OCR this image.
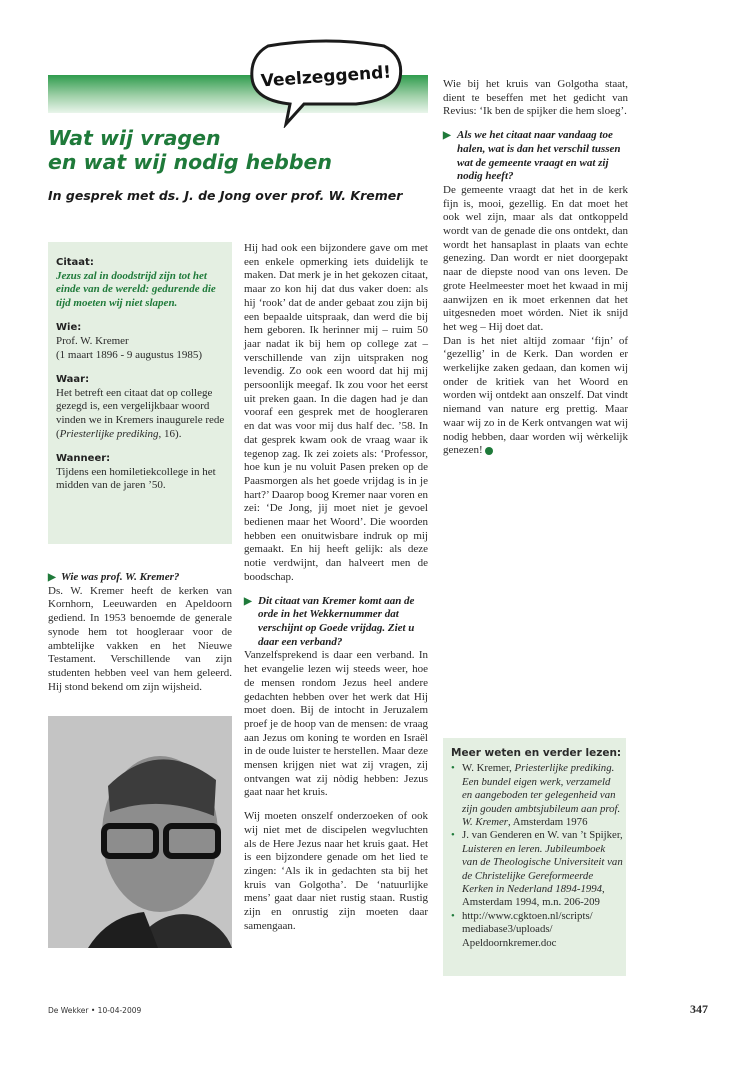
Veelzeggend!
Wat wij vragen
en wat wij nodig hebben
In gesprek met ds. J. de Jong over prof. W. Kremer
Citaat:
Jezus zal in doodstrijd zijn tot het einde van de wereld: gedurende die tijd moeten wij niet slapen.
Wie:
Prof. W. Kremer
(1 maart 1896 - 9 augustus 1985)
Waar:
Het betreft een citaat dat op college gezegd is, een vergelijkbaar woord vinden we in Kremers inaugurele rede (Priesterlijke prediking, 16).
Wanneer:
Tijdens een homiletiekcollege in het midden van de jaren ’50.
▶ Wie was prof. W. Kremer?
Ds. W. Kremer heeft de kerken van Kornhorn, Leeuwarden en Apeldoorn gediend. In 1953 benoemde de generale synode hem tot hoogleraar voor de ambtelijke vakken en het Nieuwe Testament. Verschillende van zijn studenten hebben veel van hem geleerd. Hij stond bekend om zijn wijsheid.
Hij had ook een bijzondere gave om met een enkele opmerking iets duidelijk te maken. Dat merk je in het gekozen citaat, maar zo kon hij dat dus vaker doen: als hij ‘rook’ dat de ander gebaat zou zijn bij een bepaalde uitspraak, dan werd die bij hem geboren. Ik herinner mij – ruim 50 jaar nadat ik bij hem op college zat – verschillende van zijn uitspraken nog levendig. Zo ook een woord dat hij mij persoonlijk meegaf. Ik zou voor het eerst uit preken gaan. In die dagen had je dan vooraf een gesprek met de hoogleraren en dat was voor mij dus half dec. ’58. In dat gesprek kwam ook de vraag waar ik tegenop zag. Ik zei zoiets als: ‘Professor, hoe kun je nu voluit Pasen preken op de Paasmorgen als het goede vrijdag is in je hart?’ Daarop boog Kremer naar voren en zei: ‘De Jong, jij moet niet je gevoel bedienen maar het Woord’. Die woorden hebben een onuitwisbare indruk op mij gemaakt. En hij heeft gelijk: als deze notie verdwijnt, dan halveert men de boodschap.
▶ Dit citaat van Kremer komt aan de orde in het Wekkernummer dat verschijnt op Goede vrijdag. Ziet u daar een verband?
Vanzelfsprekend is daar een verband. In het evangelie lezen wij steeds weer, hoe de mensen rondom Jezus heel andere gedachten hebben over het werk dat Hij moet doen. Bij de intocht in Jeruzalem proef je de hoop van de mensen: de vraag aan Jezus om koning te worden en Israël in de oude luister te herstellen. Maar deze mensen krijgen niet wat zij vragen, zij ontvangen wat zij nòdig hebben: Jezus gaat naar het kruis.
Wij moeten onszelf onderzoeken of ook wij niet met de discipelen wegvluchten als de Here Jezus naar het kruis gaat. Het is een bijzondere genade om het lied te zingen: ‘Als ik in gedachten sta bij het kruis van Golgotha’. De ‘natuurlijke mens’ gaat daar niet rustig staan. Rustig zijn en onrustig zijn moeten daar samengaan.
Wie bij het kruis van Golgotha staat, dient te beseffen met het gedicht van Revius: ‘Ik ben de spijker die hem sloeg’.
▶ Als we het citaat naar vandaag toe halen, wat is dan het verschil tussen wat de gemeente vraagt en wat zij nodig heeft?
De gemeente vraagt dat het in de kerk fijn is, mooi, gezellig. En dat moet het ook wel zijn, maar als dat ontkoppeld wordt van de genade die ons ontdekt, dan wordt het hansaplast in plaats van echte genezing. Dan wordt er niet doorgepakt naar de diepste nood van ons leven. De grote Heelmeester moet het kwaad in mij aanwijzen en ik moet erkennen dat het uitgesneden moet wórden. Niet ik snijd het weg – Hij doet dat.
Dan is het niet altijd zomaar ‘fijn’ of ‘gezellig’ in de Kerk. Dan worden er werkelijke zaken gedaan, dan komen wij onder de kritiek van het Woord en worden wij ontdekt aan onszelf. Dat vindt niemand van nature erg prettig. Maar waar wij zo in de Kerk ontvangen wat wij nodig hebben, daar worden wij wèrkelijk genezen!
Meer weten en verder lezen:
• W. Kremer, Priesterlijke prediking. Een bundel eigen werk, verzameld en aangeboden ter gelegenheid van zijn gouden ambtsjubileum aan prof. W. Kremer, Amsterdam 1976
• J. van Genderen en W. van ’t Spijker, Luisteren en leren. Jubileumboek van de Theologische Universiteit van de Christelijke Gereformeerde Kerken in Nederland 1894-1994, Amsterdam 1994, m.n. 206-209
• http://www.cgktoen.nl/scripts/ mediabase3/uploads/ Apeldoornkremer.doc
De Wekker • 10-04-2009	347
